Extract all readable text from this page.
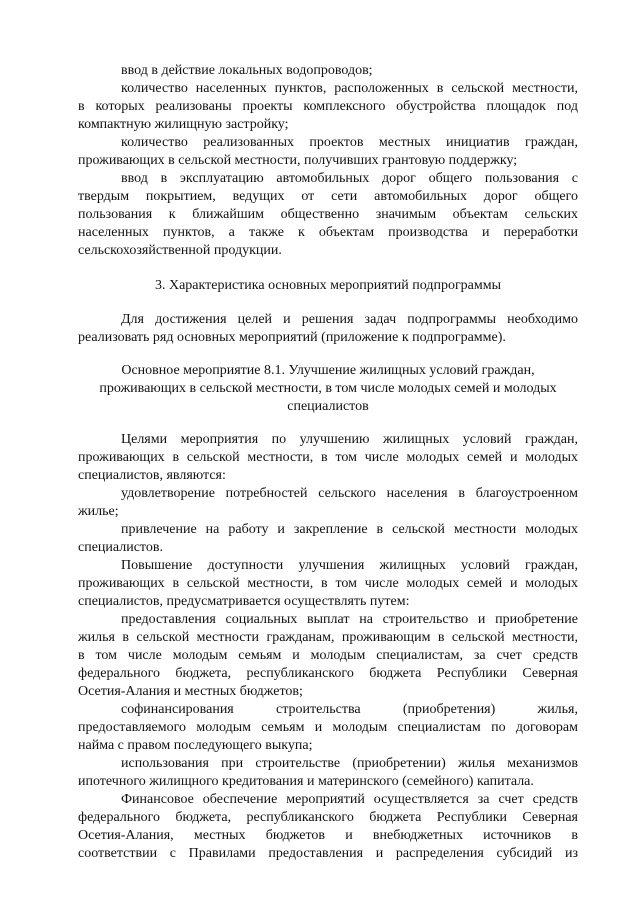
ввод в действие локальных водопроводов;
количество населенных пунктов, расположенных в сельской местности,
в которых реализованы проекты комплексного обустройства площадок под
компактную жилищную застройку;
количество реализованных проектов местных инициатив граждан,
проживающих в сельской местности, получивших грантовую поддержку;
ввод в эксплуатацию автомобильных дорог общего пользования с
твердым покрытием, ведущих от сети автомобильных дорог общего
пользования к ближайшим общественно значимым объектам сельских
населенных пунктов, а также к объектам производства и переработки
сельскохозяйственной продукции.
3. Характеристика основных мероприятий подпрограммы
Для достижения целей и решения задач подпрограммы необходимо
реализовать ряд основных мероприятий (приложение к подпрограмме).
Основное мероприятие 8.1. Улучшение жилищных условий граждан,
проживающих в сельской местности, в том числе молодых семей и молодых
специалистов
Целями мероприятия по улучшению жилищных условий граждан,
проживающих в сельской местности, в том числе молодых семей и молодых
специалистов, являются:
удовлетворение потребностей сельского населения в благоустроенном
жилье;
привлечение на работу и закрепление в сельской местности молодых
специалистов.
Повышение доступности улучшения жилищных условий граждан,
проживающих в сельской местности, в том числе молодых семей и молодых
специалистов, предусматривается осуществлять путем:
предоставления социальных выплат на строительство и приобретение
жилья в сельской местности гражданам, проживающим в сельской местности,
в том числе молодым семьям и молодым специалистам, за счет средств
федерального бюджета, республиканского бюджета Республики Северная
Осетия-Алания и местных бюджетов;
софинансирования строительства (приобретения) жилья,
предоставляемого молодым семьям и молодым специалистам по договорам
найма с правом последующего выкупа;
использования при строительстве (приобретении) жилья механизмов
ипотечного жилищного кредитования и материнского (семейного) капитала.
Финансовое обеспечение мероприятий осуществляется за счет средств
федерального бюджета, республиканского бюджета Республики Северная
Осетия-Алания, местных бюджетов и внебюджетных источников в
соответствии с Правилами предоставления и распределения субсидий из
